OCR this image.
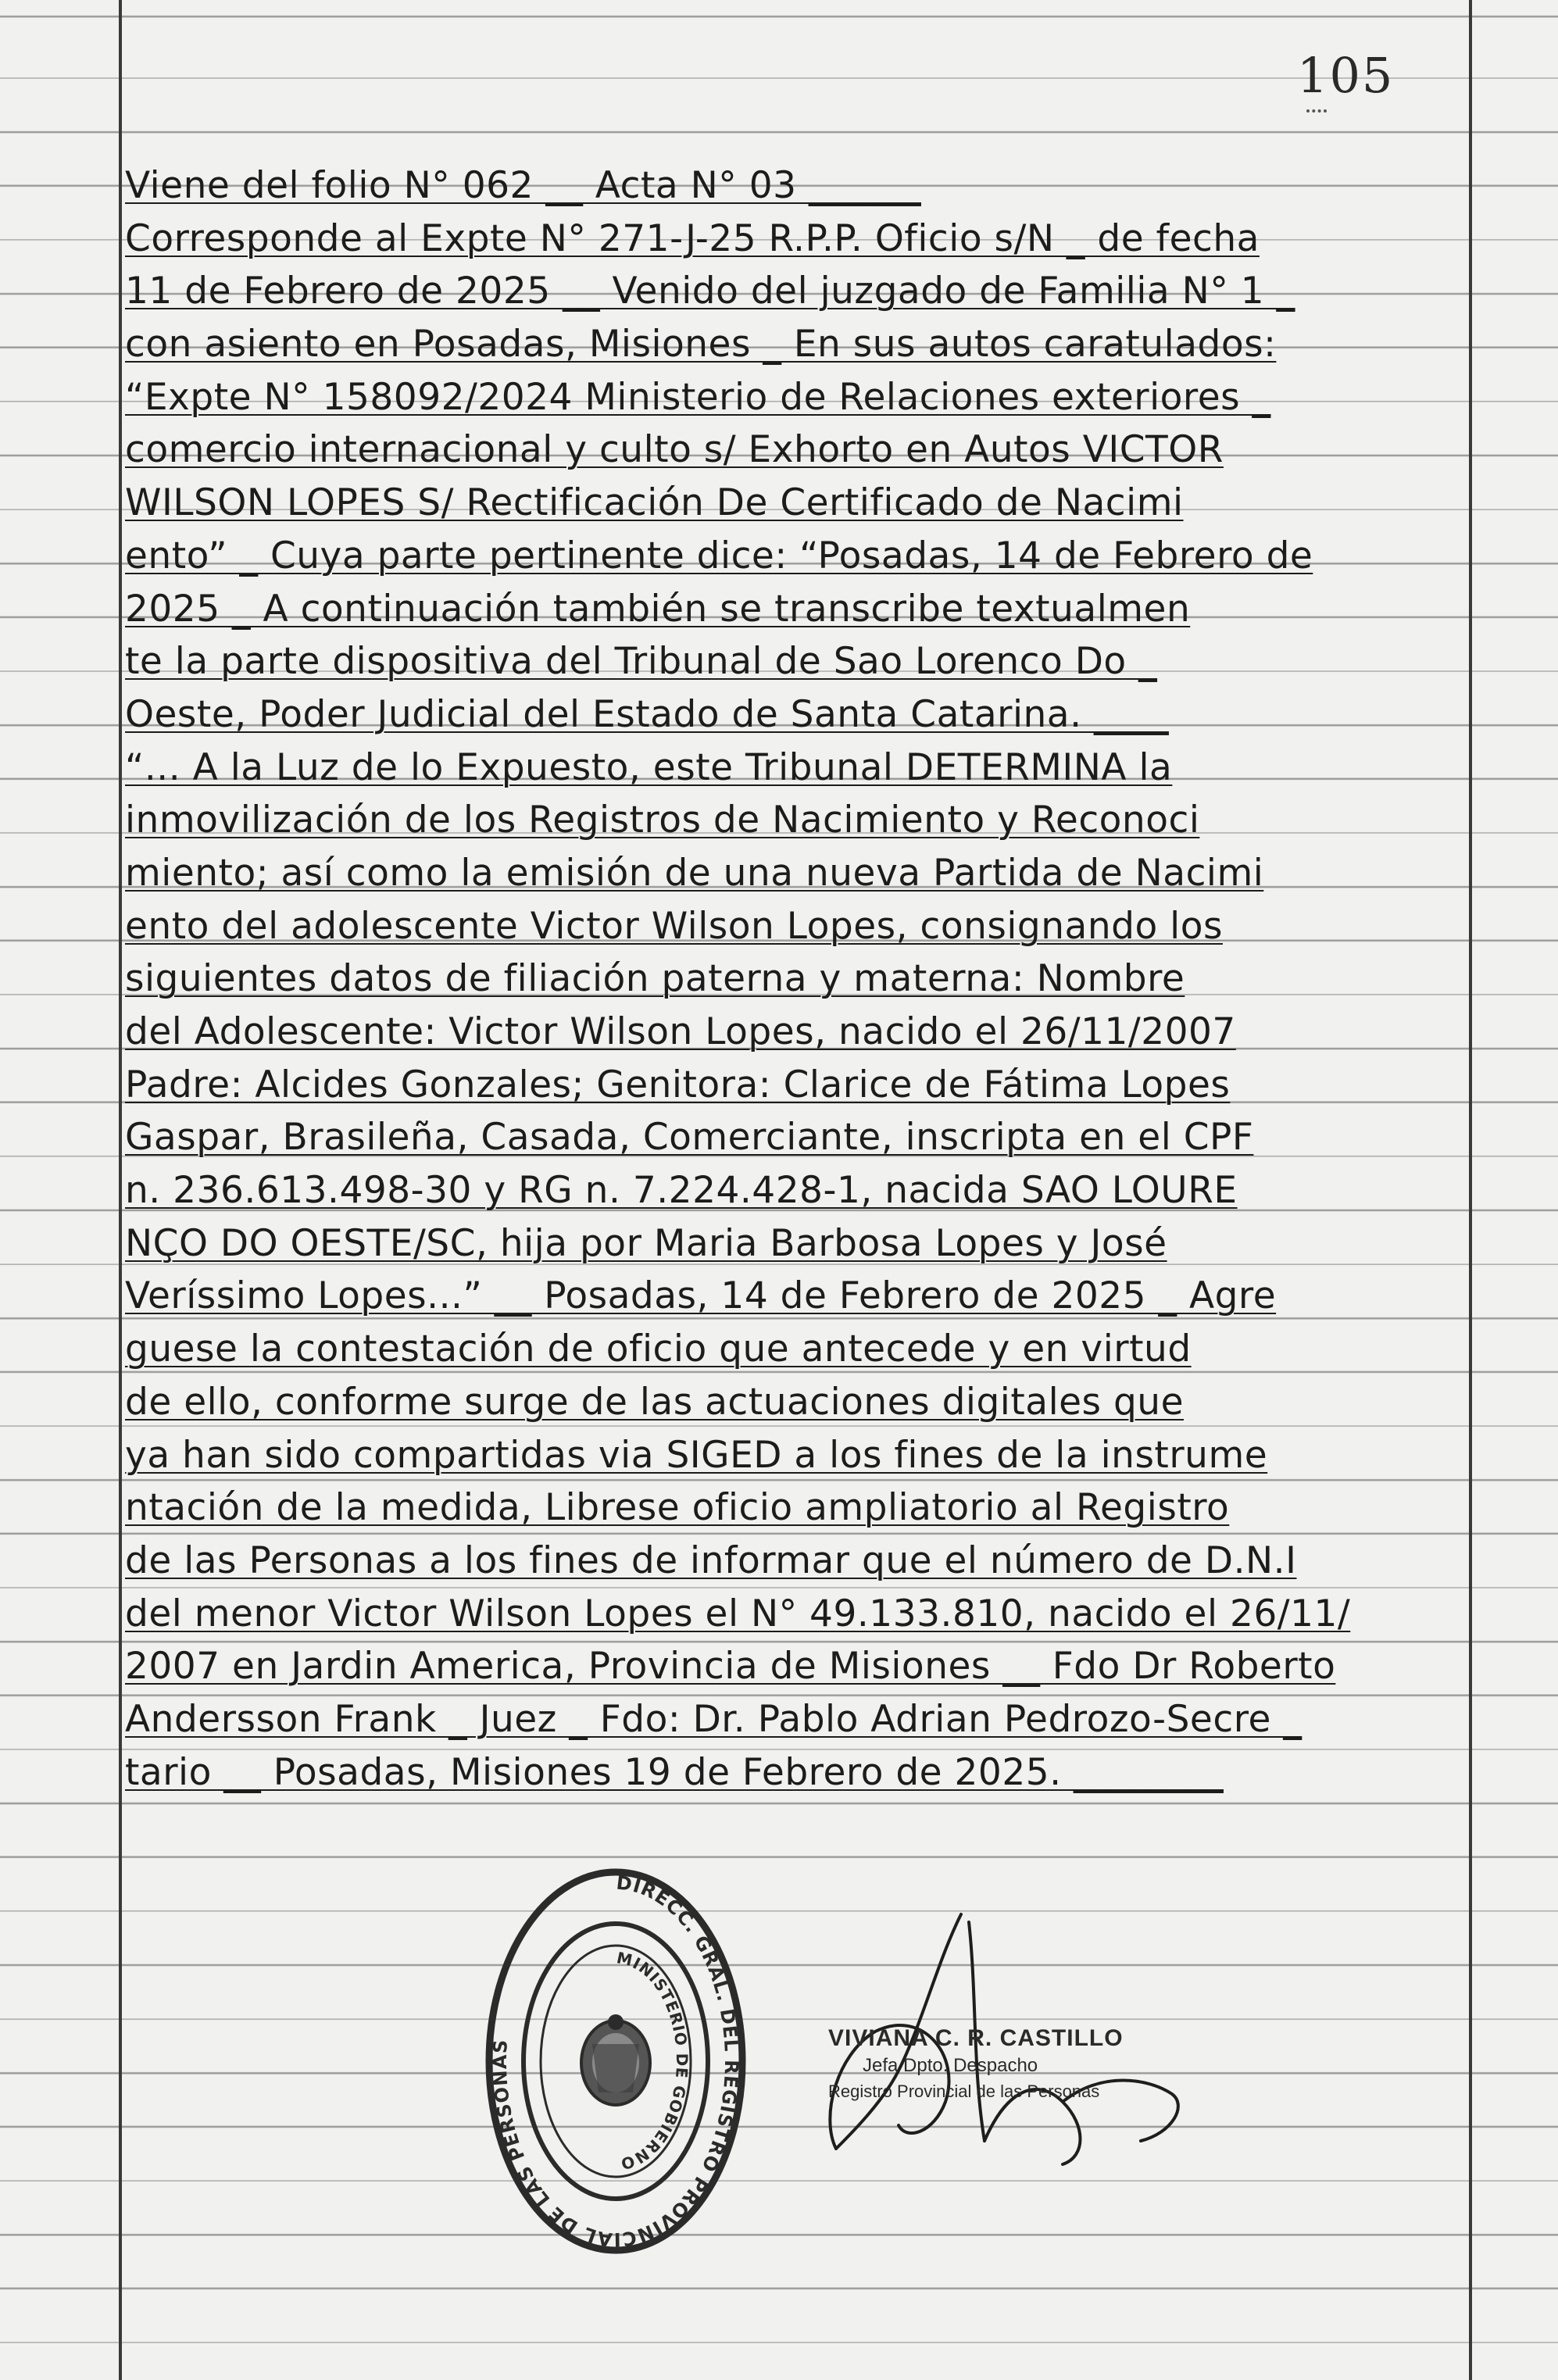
105
Viene del folio N° 062 __ Acta N° 03 ______
Corresponde al Expte N° 271-J-25 R.P.P. Oficio s/N _ de fecha
11 de Febrero de 2025 __ Venido del juzgado de Familia N° 1 _
con asiento en Posadas, Misiones _ En sus autos caratulados:
“Expte N° 158092/2024 Ministerio de Relaciones exteriores _
comercio internacional y culto s/ Exhorto en Autos VICTOR
WILSON LOPES S/ Rectificación De Certificado de Nacimi
ento” _ Cuya parte pertinente dice: “Posadas, 14 de Febrero de
2025 _ A continuación también se transcribe textualmen
te la parte dispositiva del Tribunal de Sao Lorenco Do _
Oeste, Poder Judicial del Estado de Santa Catarina. ____
“... A la Luz de lo Expuesto, este Tribunal DETERMINA la
inmovilización de los Registros de Nacimiento y Reconoci
miento; así como la emisión de una nueva Partida de Nacimi
ento del adolescente Victor Wilson Lopes, consignando los
siguientes datos de filiación paterna y materna: Nombre
del Adolescente: Victor Wilson Lopes, nacido el 26/11/2007
Padre: Alcides Gonzales; Genitora: Clarice de Fátima Lopes
Gaspar, Brasileña, Casada, Comerciante, inscripta en el CPF
n. 236.613.498-30 y RG n. 7.224.428-1, nacida SAO LOURE
NÇO DO OESTE/SC, hija por Maria Barbosa Lopes y José
Veríssimo Lopes...” __ Posadas, 14 de Febrero de 2025 _ Agre
guese la contestación de oficio que antecede y en virtud
de ello, conforme surge de las actuaciones digitales que
ya han sido compartidas via SIGED a los fines de la instrume
ntación de la medida, Librese oficio ampliatorio al Registro
de las Personas a los fines de informar que el número de D.N.I
del menor Victor Wilson Lopes el N° 49.133.810, nacido el 26/11/
2007 en Jardin America, Provincia de Misiones __ Fdo Dr Roberto
Andersson Frank _ Juez _ Fdo: Dr. Pablo Adrian Pedrozo-Secre _
tario __ Posadas, Misiones 19 de Febrero de 2025. ________
DIRECC. GRAL. DEL REGISTRO PROVINCIAL DE LAS PERSONAS
MINISTERIO DE GOBIERNO
VIVIANA C. R. CASTILLO
Jefa Dpto. Despacho
Registro Provincial de las Personas
